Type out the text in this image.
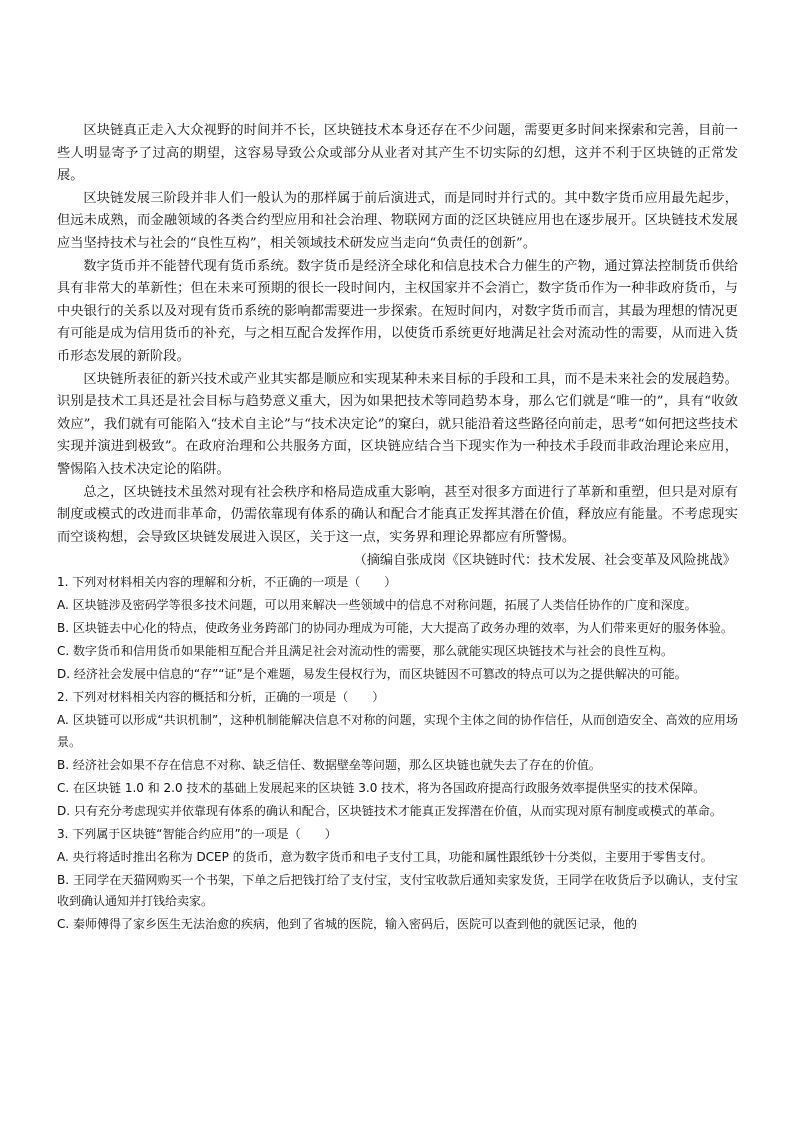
区块链真正走入大众视野的时间并不长，区块链技术本身还存在不少问题，需要更多时间来探索和完善，目前一些人明显寄予了过高的期望，这容易导致公众或部分从业者对其产生不切实际的幻想，这并不利于区块链的正常发展。

区块链发展三阶段并非人们一般认为的那样属于前后演进式，而是同时并行式的。其中数字货币应用最先起步，但远未成熟，而金融领域的各类合约型应用和社会治理、物联网方面的泛区块链应用也在逐步展开。区块链技术发展应当坚持技术与社会的“良性互构”，相关领域技术研发应当走向“负责任的创新”。

数字货币并不能替代现有货币系统。数字货币是经济全球化和信息技术合力催生的产物，通过算法控制货币供给具有非常大的革新性；但在未来可预期的很长一段时间内，主权国家并不会消亡，数字货币作为一种非政府货币，与中央银行的关系以及对现有货币系统的影响都需要进一步探索。在短时间内，对数字货币而言，其最为理想的情况更有可能是成为信用货币的补充，与之相互配合发挥作用，以使货币系统更好地满足社会对流动性的需要，从而进入货币形态发展的新阶段。

区块链所表征的新兴技术或产业其实都是顺应和实现某种未来目标的手段和工具，而不是未来社会的发展趋势。识别是技术工具还是社会目标与趋势意义重大，因为如果把技术等同趋势本身，那么它们就是“唯一的”，具有“收敛效应”，我们就有可能陷入“技术自主论”与“技术决定论”的窠臼，就只能沿着这些路径向前走，思考“如何把这些技术实现并演进到极致”。在政府治理和公共服务方面，区块链应结合当下现实作为一种技术手段而非政治理论来应用，警惕陷入技术决定论的陷阱。

总之，区块链技术虽然对现有社会秩序和格局造成重大影响，甚至对很多方面进行了革新和重塑，但只是对原有制度或模式的改进而非革命，仍需依靠现有体系的确认和配合才能真正发挥其潜在价值，释放应有能量。不考虑现实而空谈构想，会导致区块链发展进入误区，关于这一点，实务界和理论界都应有所警惕。

（摘编自张成岗《区块链时代：技术发展、社会变革及风险挑战》

1. 下列对材料相关内容的理解和分析，不正确的一项是（　　）

A. 区块链涉及密码学等很多技术问题，可以用来解决一些领域中的信息不对称问题，拓展了人类信任协作的广度和深度。

B. 区块链去中心化的特点，使政务业务跨部门的协同办理成为可能，大大提高了政务办理的效率，为人们带来更好的服务体验。

C. 数字货币和信用货币如果能相互配合并且满足社会对流动性的需要，那么就能实现区块链技术与社会的良性互构。

D. 经济社会发展中信息的“存”“证”是个难题，易发生侵权行为，而区块链因不可篡改的特点可以为之提供解决的可能。

2. 下列对材料相关内容的概括和分析，正确的一项是（　　）

A. 区块链可以形成“共识机制”，这种机制能解决信息不对称的问题，实现个主体之间的协作信任，从而创造安全、高效的应用场景。

B. 经济社会如果不存在信息不对称、缺乏信任、数据壁垒等问题，那么区块链也就失去了存在的价值。

C. 在区块链 1.0 和 2.0 技术的基础上发展起来的区块链 3.0 技术，将为各国政府提高行政服务效率提供坚实的技术保障。

D. 只有充分考虑现实并依靠现有体系的确认和配合，区块链技术才能真正发挥潜在价值，从而实现对原有制度或模式的革命。

3. 下列属于区块链“智能合约应用”的一项是（　　）

A. 央行将适时推出名称为 DCEP 的货币，意为数字货币和电子支付工具，功能和属性跟纸钞十分类似，主要用于零售支付。

B. 王同学在天猫网购买一个书架，下单之后把钱打给了支付宝，支付宝收款后通知卖家发货，王同学在收货后予以确认，支付宝收到确认通知并打钱给卖家。

C. 秦师傅得了家乡医生无法治愈的疾病，他到了省城的医院，输入密码后，医院可以查到他的就医记录，他的
